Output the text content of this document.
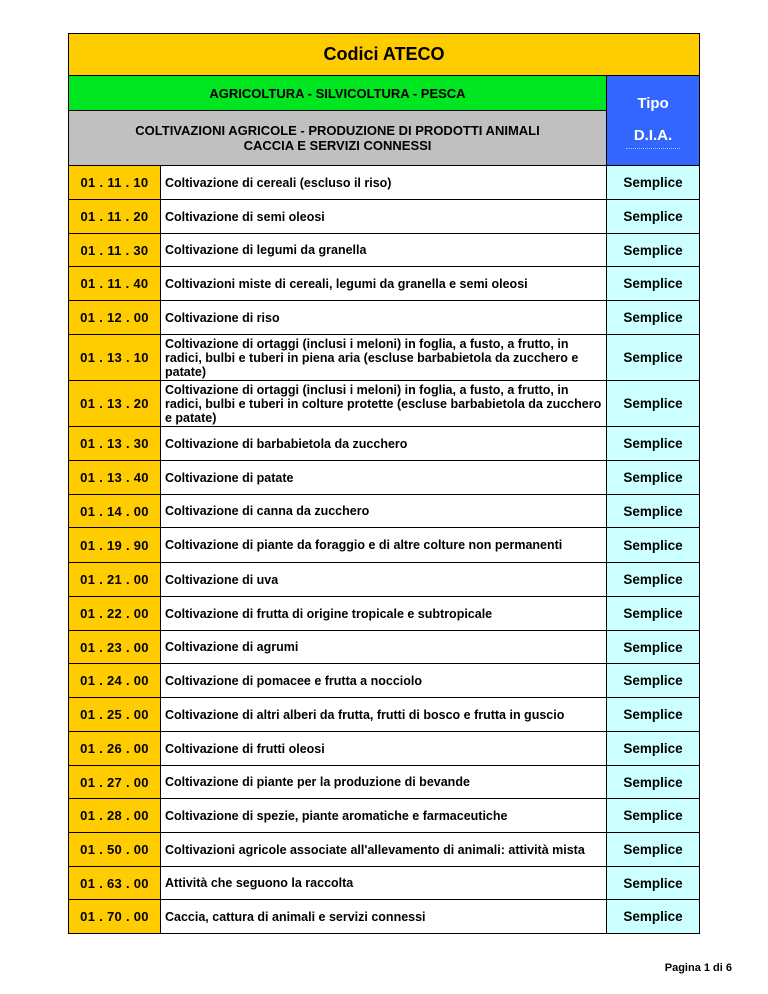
Codici ATECO		
AGRICOLTURA - SILVICOLTURA - PESCA		Tipo
D.I.A.
COLTIVAZIONI AGRICOLE - PRODUZIONE DI PRODOTTI ANIMALI
CACCIA E SERVIZI CONNESSI		
01 . 11 . 10	Coltivazione di cereali (escluso il riso)	Semplice
01 . 11 . 20	Coltivazione di semi oleosi	Semplice
01 . 11 . 30	Coltivazione di legumi da granella	Semplice
01 . 11 . 40	Coltivazioni miste di cereali, legumi da granella e semi oleosi	Semplice
01 . 12 . 00	Coltivazione di riso	Semplice
01 . 13 . 10	Coltivazione di ortaggi (inclusi i meloni) in foglia, a fusto, a frutto, in radici, bulbi e tuberi in piena aria (escluse barbabietola da zucchero e patate)	Semplice
01 . 13 . 20	Coltivazione di ortaggi (inclusi i meloni) in foglia, a fusto, a frutto, in radici, bulbi e tuberi in colture protette (escluse barbabietola da zucchero e patate)	Semplice
01 . 13 . 30	Coltivazione di barbabietola da zucchero	Semplice
01 . 13 . 40	Coltivazione di patate	Semplice
01 . 14 . 00	Coltivazione di canna da zucchero	Semplice
01 . 19 . 90	Coltivazione di piante da foraggio e di altre colture non permanenti	Semplice
01 . 21 . 00	Coltivazione di uva	Semplice
01 . 22 . 00	Coltivazione di frutta di origine tropicale e subtropicale	Semplice
01 . 23 . 00	Coltivazione di agrumi	Semplice
01 . 24 . 00	Coltivazione di pomacee e frutta a nocciolo	Semplice
01 . 25 . 00	Coltivazione di altri alberi da frutta, frutti di bosco e frutta in guscio	Semplice
01 . 26 . 00	Coltivazione di frutti oleosi	Semplice
01 . 27 . 00	Coltivazione di piante per la produzione di bevande	Semplice
01 . 28 . 00	Coltivazione di spezie, piante aromatiche e farmaceutiche	Semplice
01 . 50 . 00	Coltivazioni agricole associate all'allevamento di animali: attività mista	Semplice
01 . 63 . 00	Attività che seguono la raccolta	Semplice
01 . 70 . 00	Caccia, cattura di animali e servizi connessi	Semplice
Pagina 1 di 6
